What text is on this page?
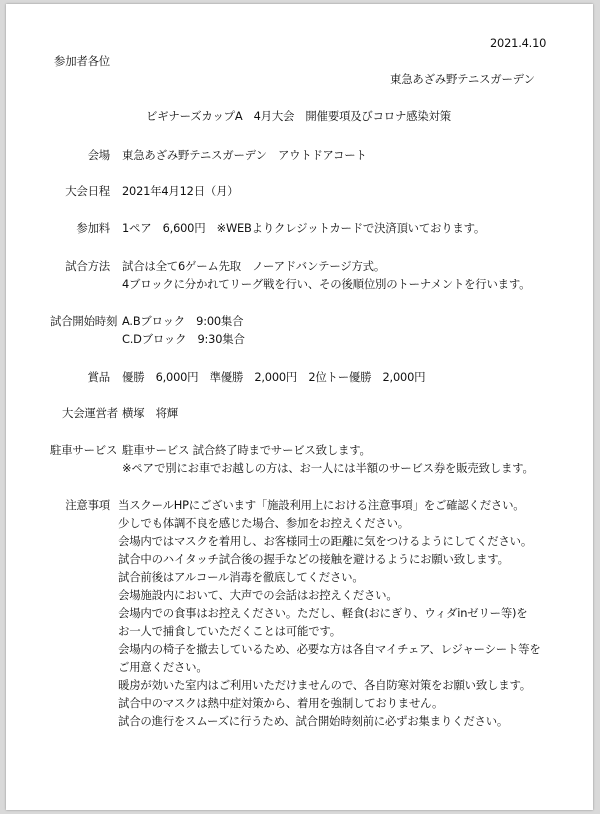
2021.4.10
参加者各位
東急あざみ野テニスガーデン
ビギナーズカップA　4月大会　開催要項及びコロナ感染対策
会場 東急あざみ野テニスガーデン　アウトドアコート
大会日程 2021年4月12日（月）
参加料 1ペア　6,600円　※WEBよりクレジットカードで決済頂いております。
試合方法 試合は全て6ゲーム先取　ノーアドバンテージ方式。
4ブロックに分かれてリーグ戦を行い、その後順位別のトーナメントを行います。
試合開始時刻 A.Bブロック　9:00集合
C.Dブロック　9:30集合
賞品 優勝　6,000円　準優勝　2,000円　2位トー優勝　2,000円
大会運営者 横塚　将輝
駐車サービス 駐車サービス 試合終了時までサービス致します。
※ペアで別にお車でお越しの方は、お一人には半額のサービス券を販売致します。
注意事項 当スクールHPにございます「施設利用上における注意事項」をご確認ください。
少しでも体調不良を感じた場合、参加をお控えください。
会場内ではマスクを着用し、お客様同士の距離に気をつけるようにしてください。
試合中のハイタッチ試合後の握手などの接触を避けるようにお願い致します。
試合前後はアルコール消毒を徹底してください。
会場施設内において、大声での会話はお控えください。
会場内での食事はお控えください。ただし、軽食(おにぎり、ウィダinゼリー等)を
お一人で捕食していただくことは可能です。
会場内の椅子を撤去しているため、必要な方は各自マイチェア、レジャーシート等を
ご用意ください。
暖房が効いた室内はご利用いただけませんので、各自防寒対策をお願い致します。
試合中のマスクは熱中症対策から、着用を強制しておりません。
試合の進行をスムーズに行うため、試合開始時刻前に必ずお集まりください。
